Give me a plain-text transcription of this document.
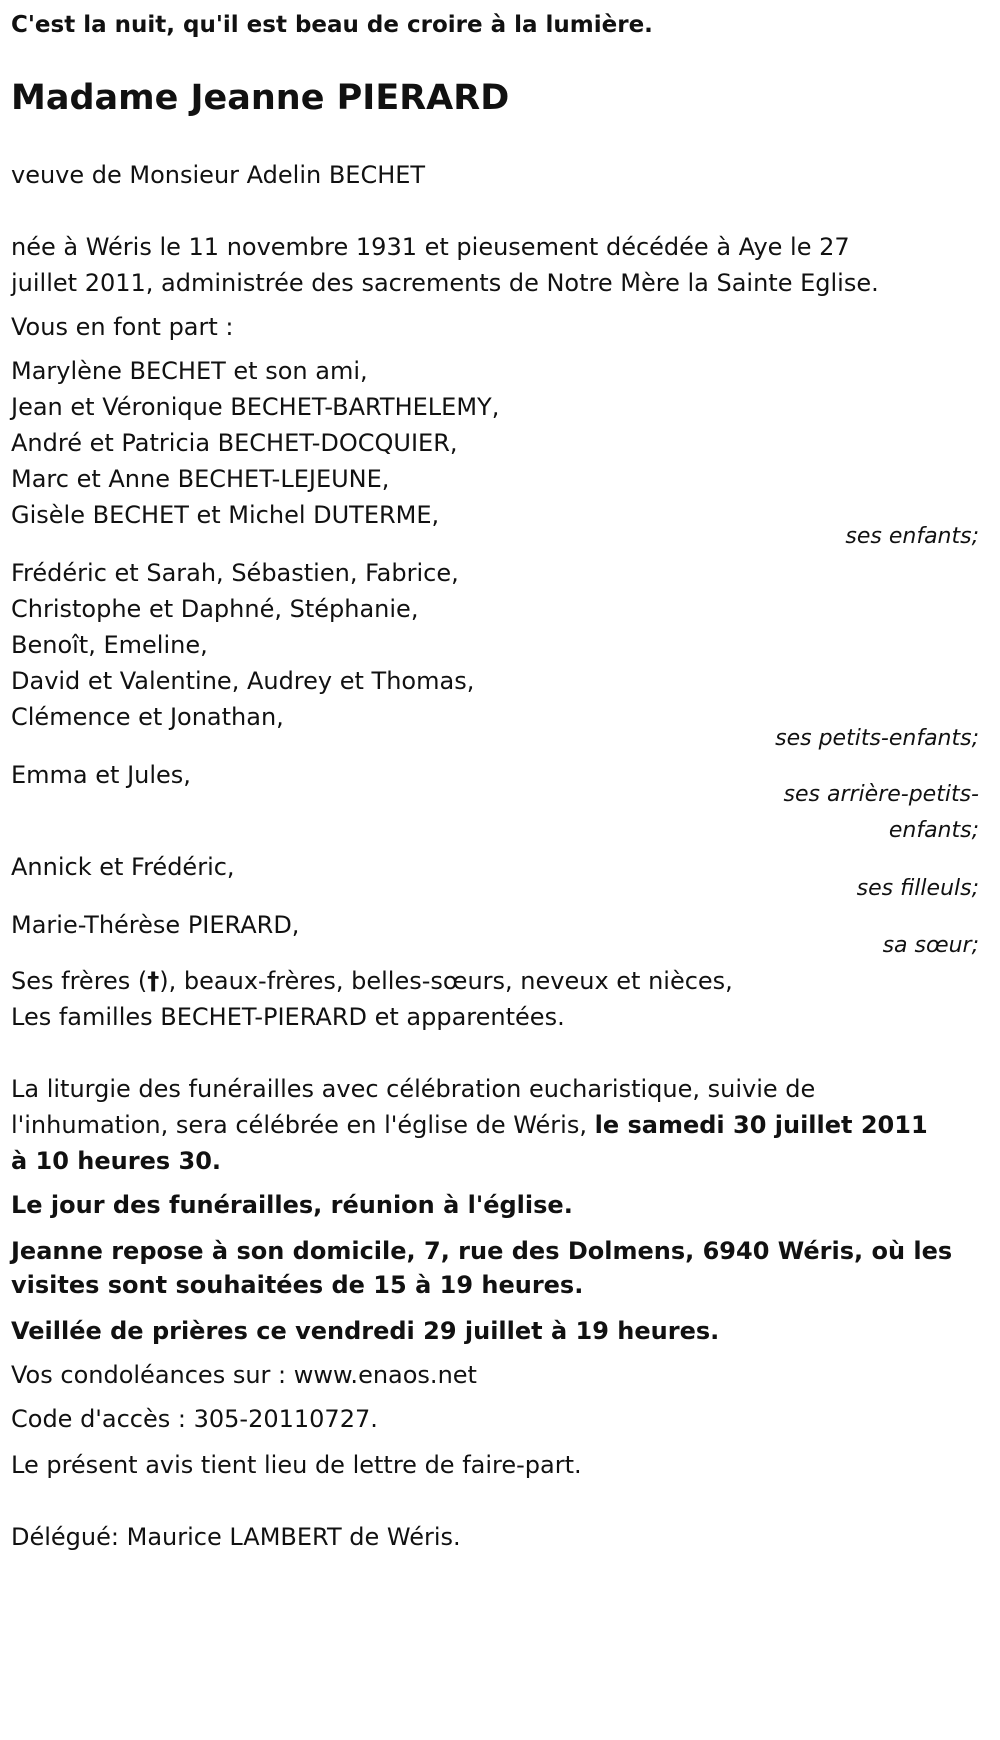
C'est la nuit, qu'il est beau de croire à la lumière.
Madame Jeanne PIERARD
veuve de Monsieur Adelin BECHET
née à Wéris le 11 novembre 1931 et pieusement décédée à Aye le 27
juillet 2011, administrée des sacrements de Notre Mère la Sainte Eglise.
Vous en font part :
Marylène BECHET et son ami,
Jean et Véronique BECHET-BARTHELEMY,
André et Patricia BECHET-DOCQUIER,
Marc et Anne BECHET-LEJEUNE,
Gisèle BECHET et Michel DUTERME,
ses enfants;
Frédéric et Sarah, Sébastien, Fabrice,
Christophe et Daphné, Stéphanie,
Benoît, Emeline,
David et Valentine, Audrey et Thomas,
Clémence et Jonathan,
ses petits-enfants;
Emma et Jules,
ses arrière-petits-
enfants;
Annick et Frédéric,
ses filleuls;
Marie-Thérèse PIERARD,
sa sœur;
Ses frères (†), beaux-frères, belles-sœurs, neveux et nièces,
Les familles BECHET-PIERARD et apparentées.
La liturgie des funérailles avec célébration eucharistique, suivie de
l'inhumation, sera célébrée en l'église de Wéris, le samedi 30 juillet 2011
à 10 heures 30.
Le jour des funérailles, réunion à l'église.
Jeanne repose à son domicile, 7, rue des Dolmens, 6940 Wéris, où les
visites sont souhaitées de 15 à 19 heures.
Veillée de prières ce vendredi 29 juillet à 19 heures.
Vos condoléances sur : www.enaos.net
Code d'accès : 305-20110727.
Le présent avis tient lieu de lettre de faire-part.
Délégué: Maurice LAMBERT de Wéris.
